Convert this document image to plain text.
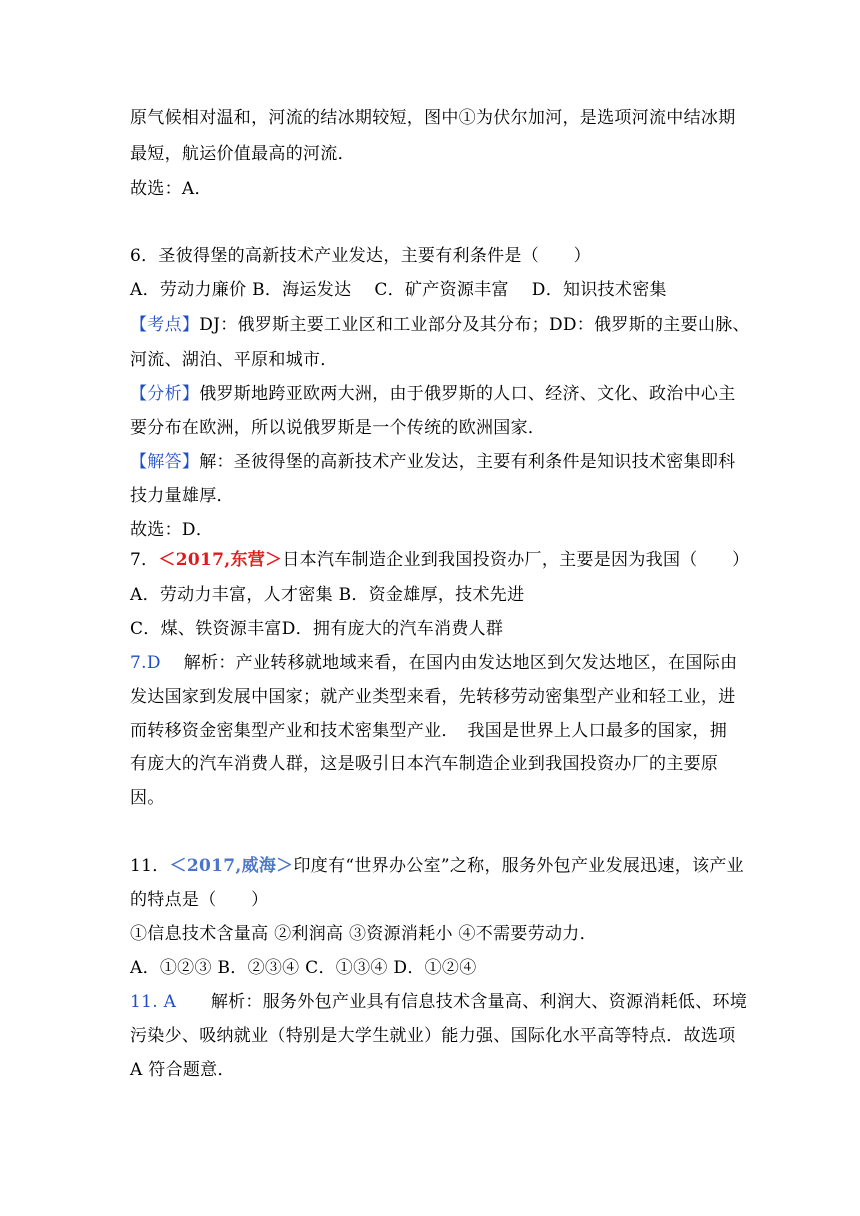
原气候相对温和，河流的结冰期较短，图中①为伏尔加河，是选项河流中结冰期
最短，航运价值最高的河流．
故选：A．
6．圣彼得堡的高新技术产业发达，主要有利条件是（　　）
A．劳动力廉价 B．海运发达　 C．矿产资源丰富　 D．知识技术密集
【考点】DJ：俄罗斯主要工业区和工业部分及其分布；DD：俄罗斯的主要山脉、
河流、湖泊、平原和城市．
【分析】俄罗斯地跨亚欧两大洲，由于俄罗斯的人口、经济、文化、政治中心主
要分布在欧洲，所以说俄罗斯是一个传统的欧洲国家．
【解答】解：圣彼得堡的高新技术产业发达，主要有利条件是知识技术密集即科
技力量雄厚．
故选：D．
7．＜2017,东营＞日本汽车制造企业到我国投资办厂，主要是因为我国（　　）
A．劳动力丰富，人才密集 B．资金雄厚，技术先进
C．煤、铁资源丰富D．拥有庞大的汽车消费人群
7.D　 解析：产业转移就地域来看，在国内由发达地区到欠发达地区，在国际由
发达国家到发展中国家；就产业类型来看，先转移劳动密集型产业和轻工业，进
而转移资金密集型产业和技术密集型产业．　我国是世界上人口最多的国家，拥
有庞大的汽车消费人群，这是吸引日本汽车制造企业到我国投资办厂的主要原
因。
11．＜2017,威海＞印度有“世界办公室”之称，服务外包产业发展迅速，该产业
的特点是（　　）
①信息技术含量高 ②利润高 ③资源消耗小 ④不需要劳动力．
A．①②③ B．②③④ C．①③④ D．①②④
11. A　　解析：服务外包产业具有信息技术含量高、利润大、资源消耗低、环境
污染少、吸纳就业（特别是大学生就业）能力强、国际化水平高等特点．故选项
A 符合题意．
